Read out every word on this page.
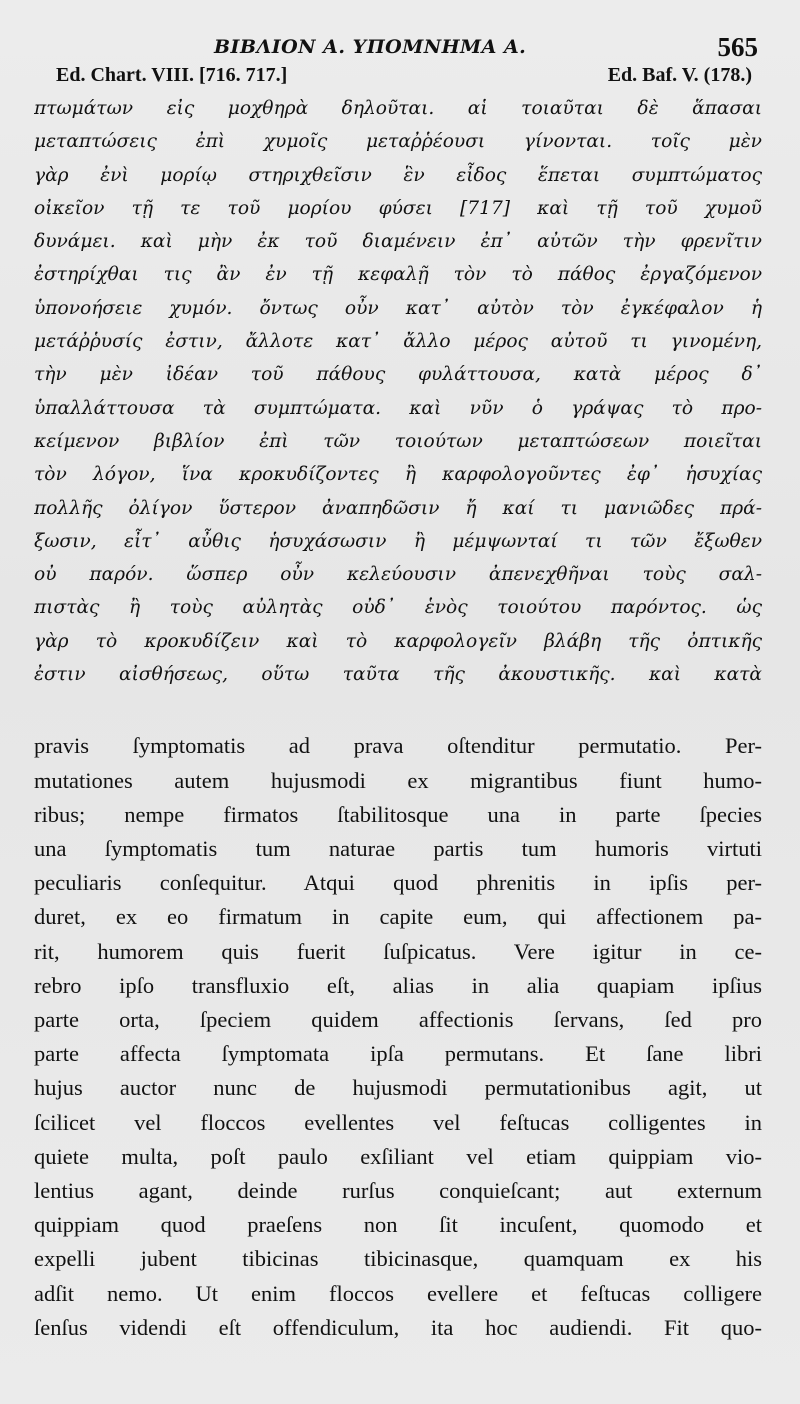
ΒΙΒΛΙΟΝ Α. ΥΠΟΜΝΗΜΑ Α.	565
Ed. Chart. VIII. [716. 717.]	Ed. Baf. V. (178.)
πτωμάτων εἰς μοχθηρὰ δηλοῦται. αἱ τοιαῦται δὲ ἅπασαι
μεταπτώσεις ἐπὶ χυμοῖς μεταῤῥέουσι γίνονται. τοῖς μὲν
γὰρ ἐνὶ μορίῳ στηριχθεῖσιν ἓν εἶδος ἕπεται συμπτώματος
οἰκεῖον τῇ τε τοῦ μορίου φύσει [717] καὶ τῇ τοῦ χυμοῦ
δυνάμει. καὶ μὴν ἐκ τοῦ διαμένειν ἐπ᾽ αὐτῶν τὴν φρενῖτιν
ἐστηρίχθαι τις ἂν ἐν τῇ κεφαλῇ τὸν τὸ πάθος ἐργαζόμενον
ὑπονοήσειε χυμόν. ὄντως οὖν κατ᾽ αὐτὸν τὸν ἐγκέφαλον ἡ
μετάῤῥυσίς ἐστιν, ἄλλοτε κατ᾽ ἄλλο μέρος αὐτοῦ τι γινομένη,
τὴν μὲν ἰδέαν τοῦ πάθους φυλάττουσα, κατὰ μέρος δ᾽
ὑπαλλάττουσα τὰ συμπτώματα. καὶ νῦν ὁ γράψας τὸ προ-
κείμενον βιβλίον ἐπὶ τῶν τοιούτων μεταπτώσεων ποιεῖται
τὸν λόγον, ἵνα κροκυδίζοντες ἢ καρφολογοῦντες ἐφ᾽ ἡσυχίας
πολλῆς ὀλίγον ὕστερον ἀναπηδῶσιν ἤ καί τι μανιῶδες πρά-
ξωσιν, εἶτ᾽ αὖθις ἡσυχάσωσιν ἢ μέμψωνταί τι τῶν ἔξωθεν
οὐ παρόν. ὥσπερ οὖν κελεύουσιν ἀπενεχθῆναι τοὺς σαλ-
πιστὰς ἢ τοὺς αὐλητὰς οὐδ᾽ ἑνὸς τοιούτου παρόντος. ὡς
γὰρ τὸ κροκυδίζειν καὶ τὸ καρφολογεῖν βλάβη τῆς ὀπτικῆς
ἐστιν αἰσθήσεως, οὕτω ταῦτα τῆς ἀκουστικῆς. καὶ κατὰ
pravis ſymptomatis ad prava oſtenditur permutatio. Per-
mutationes autem hujusmodi ex migrantibus fiunt humo-
ribus; nempe firmatos ſtabilitosque una in parte ſpecies
una ſymptomatis tum naturae partis tum humoris virtuti
peculiaris conſequitur. Atqui quod phrenitis in ipſis per-
duret, ex eo firmatum in capite eum, qui affectionem pa-
rit, humorem quis fuerit ſuſpicatus. Vere igitur in ce-
rebro ipſo transfluxio eſt, alias in alia quapiam ipſius
parte orta, ſpeciem quidem affectionis ſervans, ſed pro
parte affecta ſymptomata ipſa permutans. Et ſane libri
hujus auctor nunc de hujusmodi permutationibus agit, ut
ſcilicet vel floccos evellentes vel feſtucas colligentes in
quiete multa, poſt paulo exſiliant vel etiam quippiam vio-
lentius agant, deinde rurſus conquieſcant; aut externum
quippiam quod praeſens non ſit incuſent, quomodo et
expelli jubent tibicinas tibicinasque, quamquam ex his
adſit nemo. Ut enim floccos evellere et feſtucas colligere
ſenſus videndi eſt offendiculum, ita hoc audiendi. Fit quo-
